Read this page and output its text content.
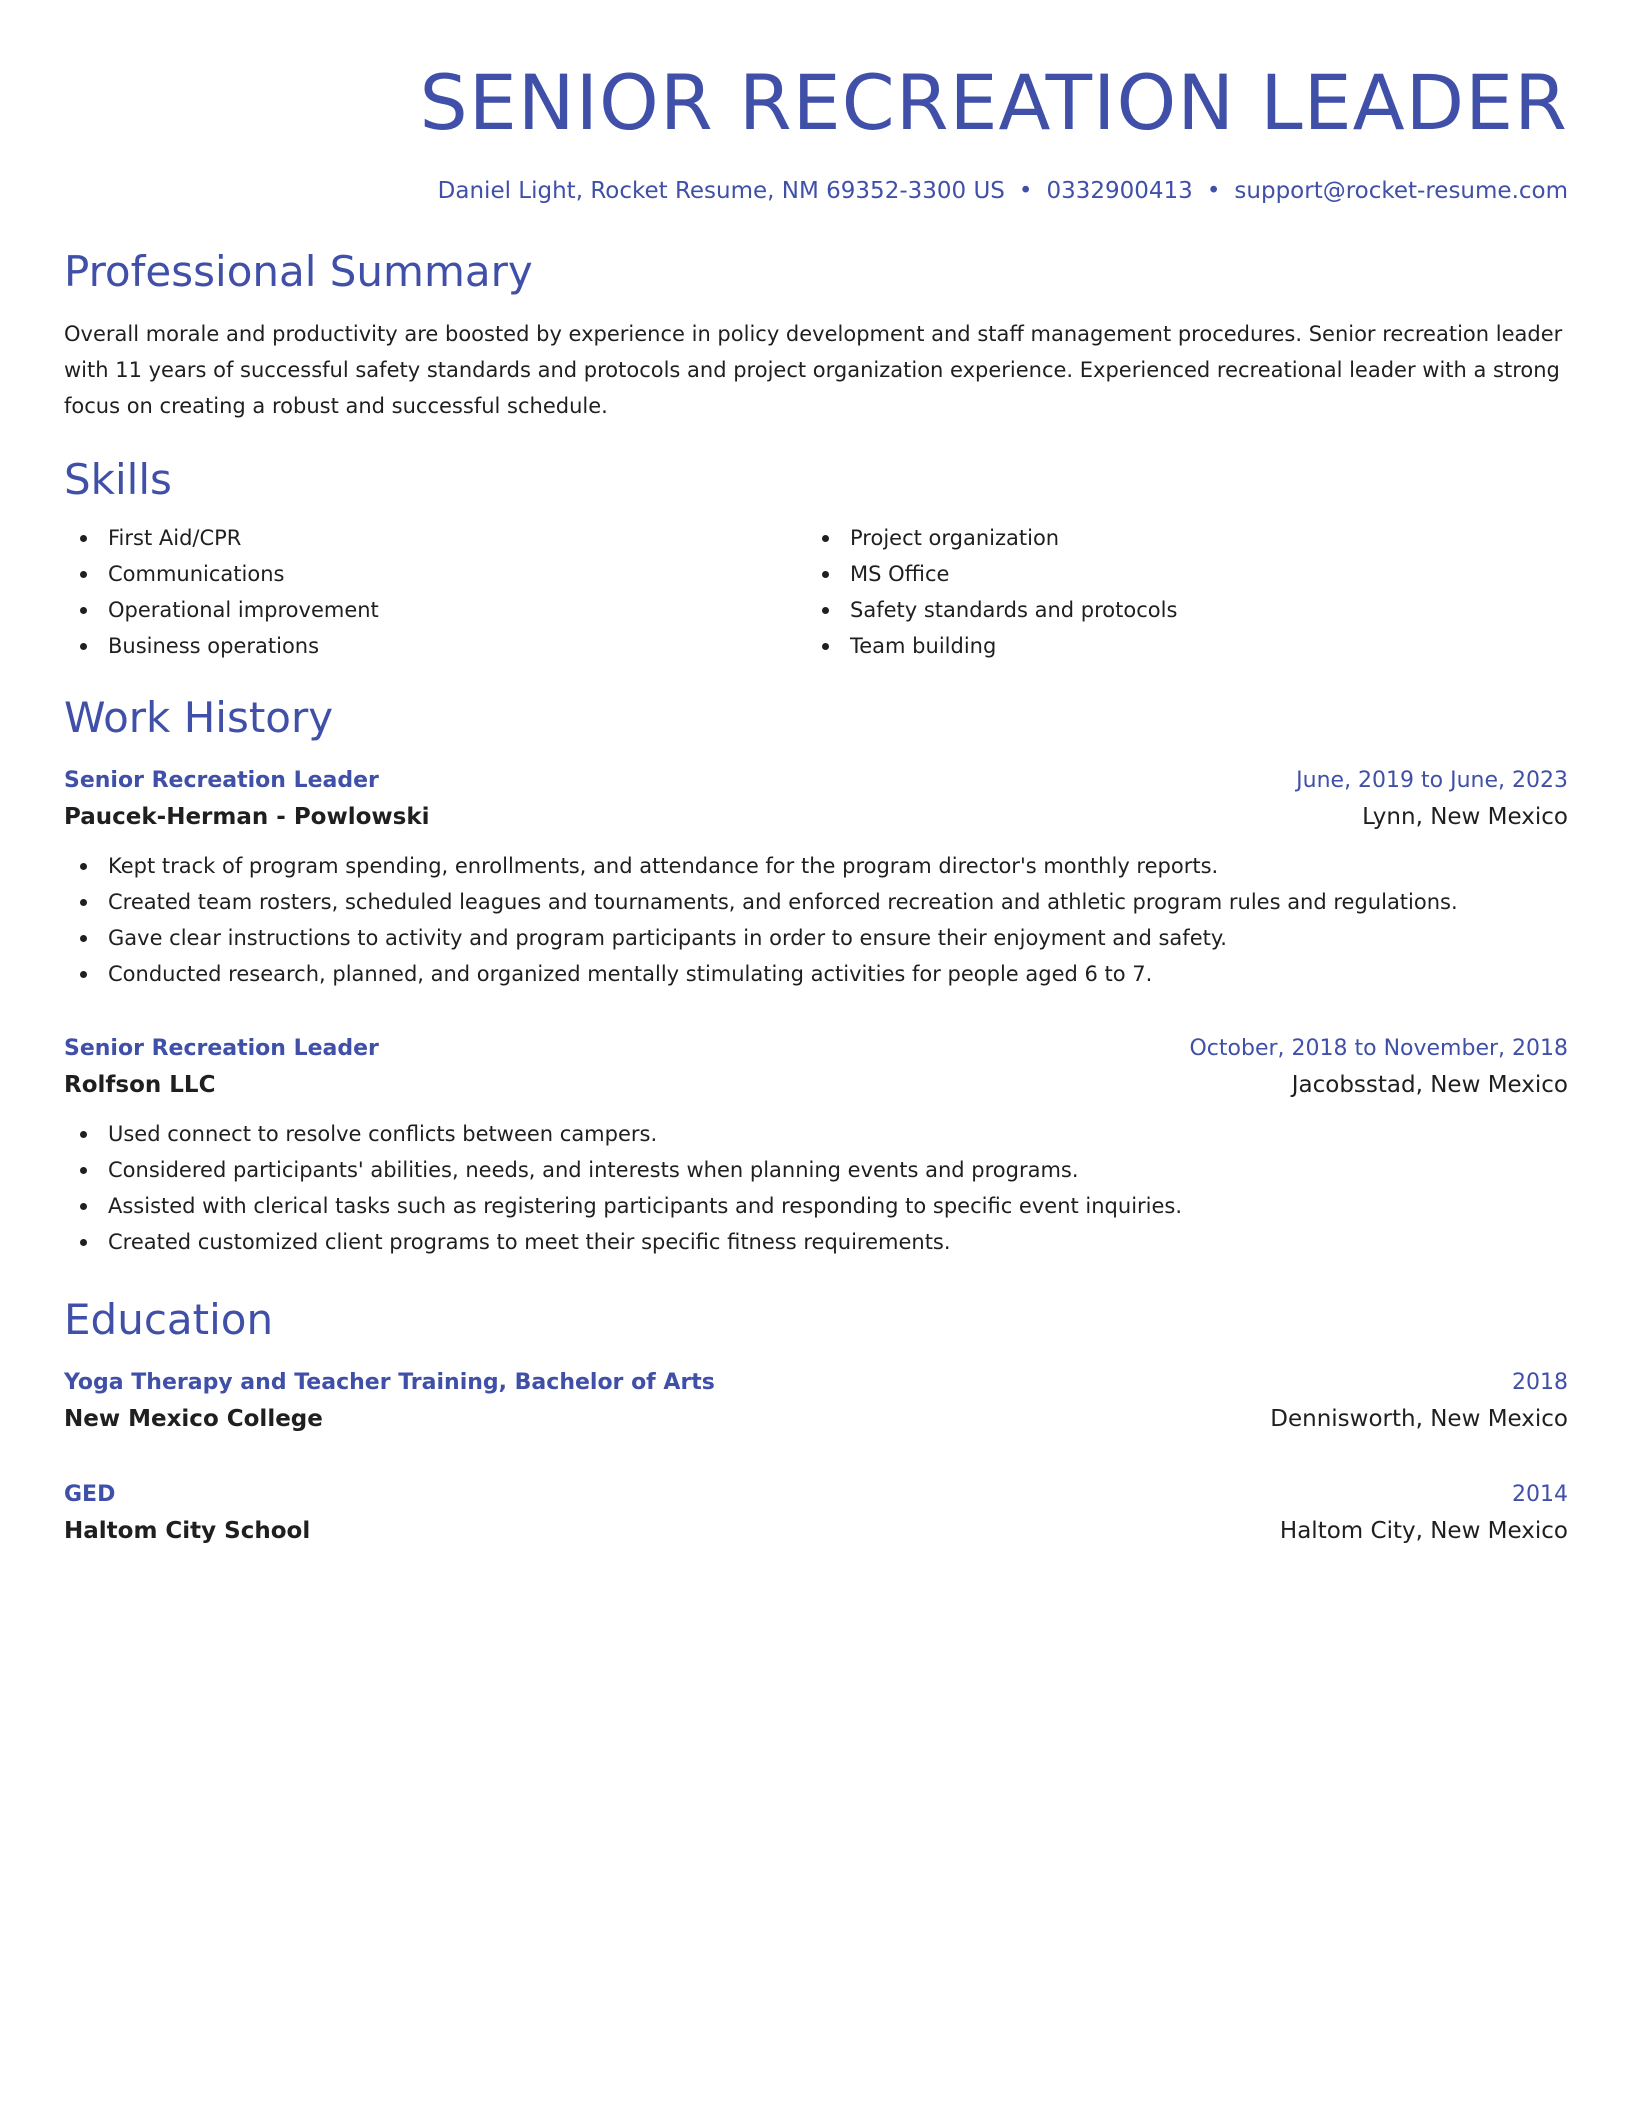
SENIOR RECREATION LEADER
Daniel Light, Rocket Resume, NM 69352-3300 US • 0332900413 • support@rocket-resume.com
Professional Summary
Overall morale and productivity are boosted by experience in policy development and staff management procedures. Senior recreation leader with 11 years of successful safety standards and protocols and project organization experience. Experienced recreational leader with a strong focus on creating a robust and successful schedule.
Skills
First Aid/CPR
Communications
Operational improvement
Business operations
Project organization
MS Office
Safety standards and protocols
Team building
Work History
Senior Recreation Leader	June, 2019 to June, 2023
Paucek-Herman - Powlowski	Lynn, New Mexico
Kept track of program spending, enrollments, and attendance for the program director's monthly reports.
Created team rosters, scheduled leagues and tournaments, and enforced recreation and athletic program rules and regulations.
Gave clear instructions to activity and program participants in order to ensure their enjoyment and safety.
Conducted research, planned, and organized mentally stimulating activities for people aged 6 to 7.
Senior Recreation Leader	October, 2018 to November, 2018
Rolfson LLC	Jacobsstad, New Mexico
Used connect to resolve conflicts between campers.
Considered participants' abilities, needs, and interests when planning events and programs.
Assisted with clerical tasks such as registering participants and responding to specific event inquiries.
Created customized client programs to meet their specific fitness requirements.
Education
Yoga Therapy and Teacher Training, Bachelor of Arts	2018
New Mexico College	Dennisworth, New Mexico
GED	2014
Haltom City School	Haltom City, New Mexico
